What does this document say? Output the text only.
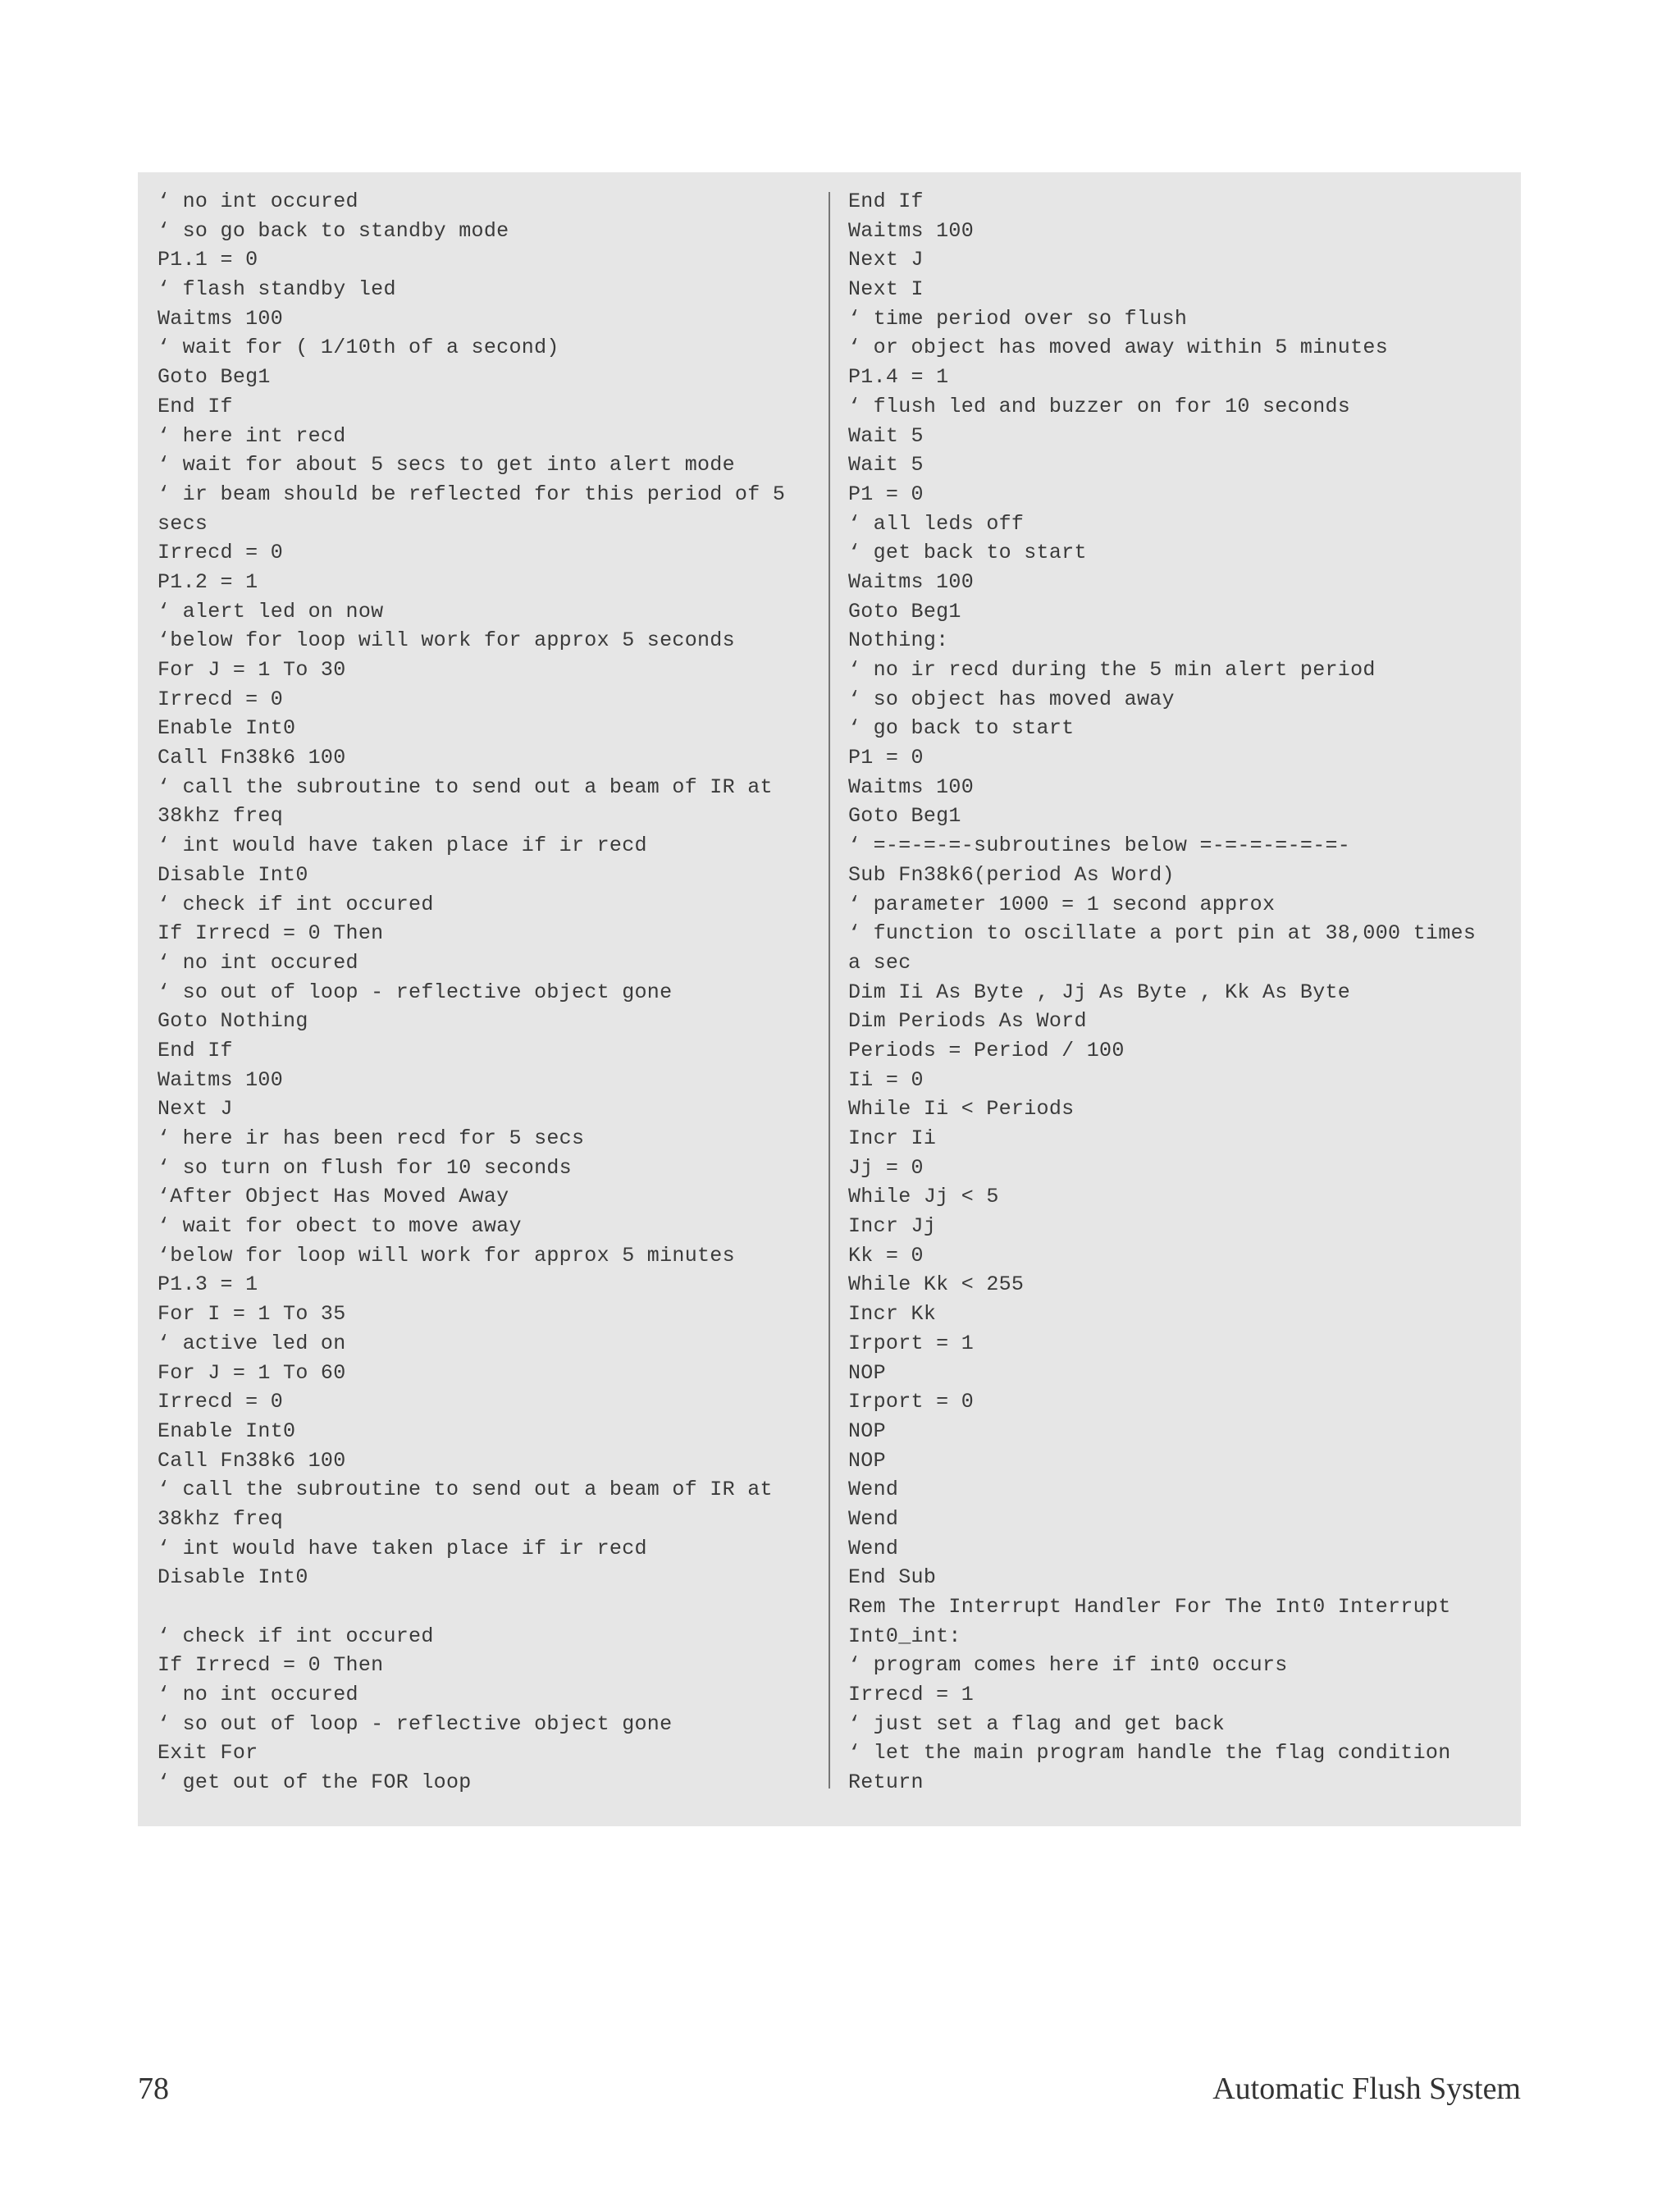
‘ no int occured
‘ so go back to standby mode
P1.1 = 0
‘ flash standby led
Waitms 100
‘ wait for ( 1/10th of a second)
Goto Beg1
End If
‘ here int recd
‘ wait for about 5 secs to get into alert mode
‘ ir beam should be reflected for this period of 5
secs
Irrecd = 0
P1.2 = 1
‘ alert led on now
‘below for loop will work for approx 5 seconds
For J = 1 To 30
Irrecd = 0
Enable Int0
Call Fn38k6 100
‘ call the subroutine to send out a beam of IR at
38khz freq
‘ int would have taken place if ir recd
Disable Int0
‘ check if int occured
If Irrecd = 0 Then
‘ no int occured
‘ so out of loop - reflective object gone
Goto Nothing
End If
Waitms 100
Next J
‘ here ir has been recd for 5 secs
‘ so turn on flush for 10 seconds
‘After Object Has Moved Away
‘ wait for obect to move away
‘below for loop will work for approx 5 minutes
P1.3 = 1
For I = 1 To 35
‘ active led on
For J = 1 To 60
Irrecd = 0
Enable Int0
Call Fn38k6 100
‘ call the subroutine to send out a beam of IR at
38khz freq
‘ int would have taken place if ir recd
Disable Int0
‘ check if int occured
If Irrecd = 0 Then
‘ no int occured
‘ so out of loop - reflective object gone
Exit For
‘ get out of the FOR loop
End If
Waitms 100
Next J
Next I
‘ time period over so flush
‘ or object has moved away within 5 minutes
P1.4 = 1
‘ flush led and buzzer on for 10 seconds
Wait 5
Wait 5
P1 = 0
‘ all leds off
‘ get back to start
Waitms 100
Goto Beg1
Nothing:
‘ no ir recd during the 5 min alert period
‘ so object has moved away
‘ go back to start
P1 = 0
Waitms 100
Goto Beg1
‘ =-=-=-=-subroutines below =-=-=-=-=-=-
Sub Fn38k6(period As Word)
‘ parameter 1000 = 1 second approx
‘ function to oscillate a port pin at 38,000 times
a sec
Dim Ii As Byte , Jj As Byte , Kk As Byte
Dim Periods As Word
Periods = Period / 100
Ii = 0
While Ii < Periods
Incr Ii
Jj = 0
While Jj < 5
Incr Jj
Kk = 0
While Kk < 255
Incr Kk
Irport = 1
NOP
Irport = 0
NOP
NOP
Wend
Wend
Wend
End Sub
Rem The Interrupt Handler For The Int0 Interrupt
Int0_int:
‘ program comes here if int0 occurs
Irrecd = 1
‘ just set a flag and get back
‘ let the main program handle the flag condition
Return
78	Automatic Flush System
